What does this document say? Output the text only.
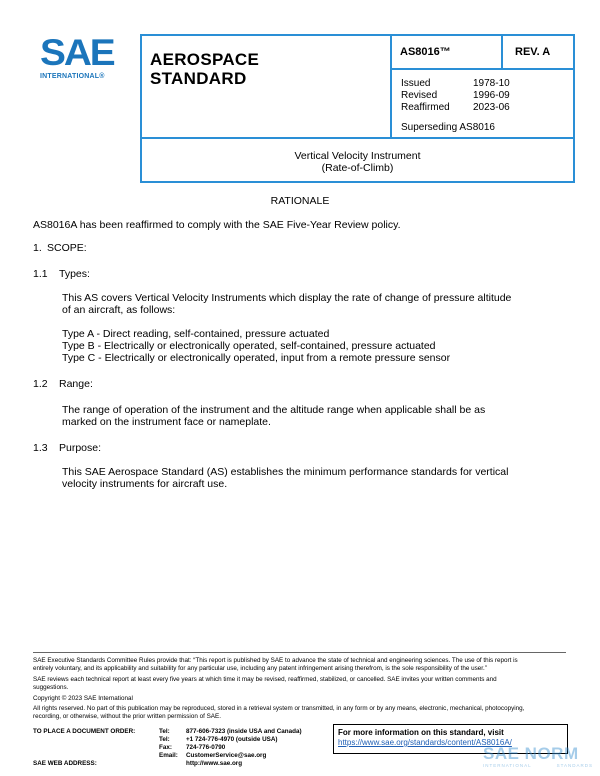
SAE
INTERNATIONAL®
AEROSPACE
STANDARD
AS8016™	REV. A
Issued	1978-10
Revised	1996-09
Reaffirmed	2023-06
Superseding AS8016
Vertical Velocity Instrument
(Rate-of-Climb)
RATIONALE
AS8016A has been reaffirmed to comply with the SAE Five-Year Review policy.
1. SCOPE:
1.1 Types:
This AS covers Vertical Velocity Instruments which display the rate of change of pressure altitude
of an aircraft, as follows:
Type A - Direct reading, self-contained, pressure actuated
Type B - Electrically or electronically operated, self-contained, pressure actuated
Type C - Electrically or electronically operated, input from a remote pressure sensor
1.2 Range:
The range of operation of the instrument and the altitude range when applicable shall be as
marked on the instrument face or nameplate.
1.3 Purpose:
This SAE Aerospace Standard (AS) establishes the minimum performance standards for vertical
velocity instruments for aircraft use.
SAE Executive Standards Committee Rules provide that: “This report is published by SAE to advance the state of technical and engineering sciences. The use of this report is
entirely voluntary, and its applicability and suitability for any particular use, including any patent infringement arising therefrom, is the sole responsibility of the user.”
SAE reviews each technical report at least every five years at which time it may be revised, reaffirmed, stabilized, or cancelled. SAE invites your written comments and
suggestions.
Copyright © 2023 SAE International
All rights reserved. No part of this publication may be reproduced, stored in a retrieval system or transmitted, in any form or by any means, electronic, mechanical, photocopying,
recording, or otherwise, without the prior written permission of SAE.
TO PLACE A DOCUMENT ORDER:	Tel:	877-606-7323 (inside USA and Canada)
Tel:	+1 724-776-4970 (outside USA)
Fax:	724-776-0790
Email:	CustomerService@sae.org
SAE WEB ADDRESS:	http://www.sae.org
For more information on this standard, visit
https://www.sae.org/standards/content/AS8016A/
SAE NORM
INTERNATIONAL	STANDARDS
